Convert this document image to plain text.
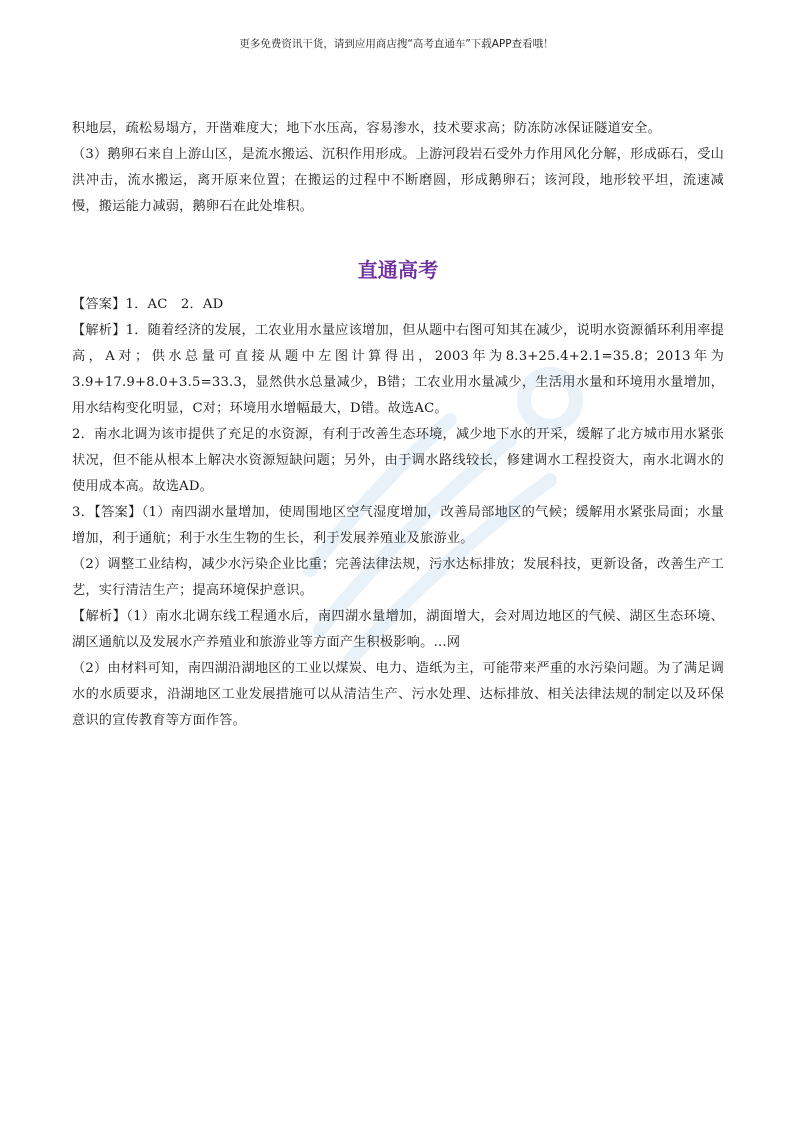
更多免费资讯干货，请到应用商店搜“高考直通车”下载APP查看哦！

积地层，疏松易塌方，开凿难度大；地下水压高，容易渗水，技术要求高；防冻防冰保证隧道安全。

（3）鹅卵石来自上游山区，是流水搬运、沉积作用形成。上游河段岩石受外力作用风化分解，形成砾石，受山洪冲击，流水搬运，离开原来位置；在搬运的过程中不断磨圆，形成鹅卵石；该河段，地形较平坦，流速减慢，搬运能力减弱，鹅卵石在此处堆积。

直通高考

【答案】1．AC　2．AD

【解析】1．随着经济的发展，工农业用水量应该增加，但从题中右图可知其在减少，说明水资源循环利用率提高，A对；供水总量可直接从题中左图计算得出，2003年为8.3+25.4+2.1=35.8；2013年为3.9+17.9+8.0+3.5=33.3，显然供水总量减少，B错；工农业用水量减少，生活用水量和环境用水量增加，用水结构变化明显，C对；环境用水增幅最大，D错。故选AC。

2．南水北调为该市提供了充足的水资源，有利于改善生态环境，减少地下水的开采，缓解了北方城市用水紧张状况，但不能从根本上解决水资源短缺问题；另外，由于调水路线较长，修建调水工程投资大，南水北调水的使用成本高。故选AD。

3．【答案】（1）南四湖水量增加，使周围地区空气湿度增加，改善局部地区的气候；缓解用水紧张局面；水量增加，利于通航；利于水生生物的生长，利于发展养殖业及旅游业。

（2）调整工业结构，减少水污染企业比重；完善法律法规，污水达标排放；发展科技，更新设备，改善生产工艺，实行清洁生产；提高环境保护意识。

【解析】（1）南水北调东线工程通水后，南四湖水量增加，湖面增大，会对周边地区的气候、湖区生态环境、湖区通航以及发展水产养殖业和旅游业等方面产生积极影响。…网

（2）由材料可知，南四湖沿湖地区的工业以煤炭、电力、造纸为主，可能带来严重的水污染问题。为了满足调水的水质要求，沿湖地区工业发展措施可以从清洁生产、污水处理、达标排放、相关法律法规的制定以及环保意识的宣传教育等方面作答。
